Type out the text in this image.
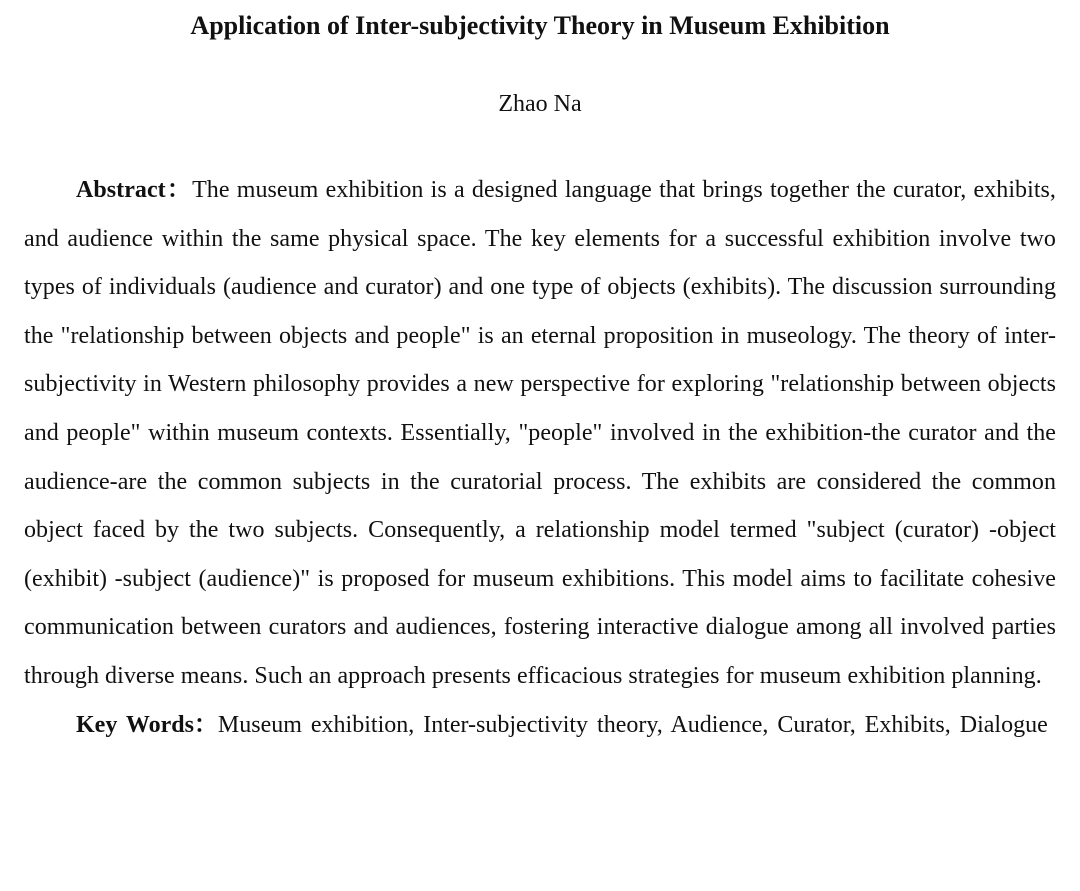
Application of Inter-subjectivity Theory in Museum Exhibition
Zhao Na

Abstract：The museum exhibition is a designed language that brings together the curator, exhibits, and audience within the same physical space. The key elements for a successful exhibition involve two types of individuals (audience and curator) and one type of objects (exhibits). The discussion surrounding the "relationship between objects and people" is an eternal proposition in museology. The theory of inter-subjectivity in Western philosophy provides a new perspective for exploring "relationship between objects and people" within museum contexts. Essentially, "people" involved in the exhibition-the curator and the audience-are the common subjects in the curatorial process. The exhibits are considered the common object faced by the two subjects. Consequently, a relationship model termed "subject (curator) -object (exhibit) -subject (audience)" is proposed for museum exhibitions. This model aims to facilitate cohesive communication between curators and audiences, fostering interactive dialogue among all involved parties through diverse means. Such an approach presents efficacious strategies for museum exhibition planning.

Key Words：Museum exhibition, Inter-subjectivity theory, Audience, Curator, Exhibits, Dialogue
